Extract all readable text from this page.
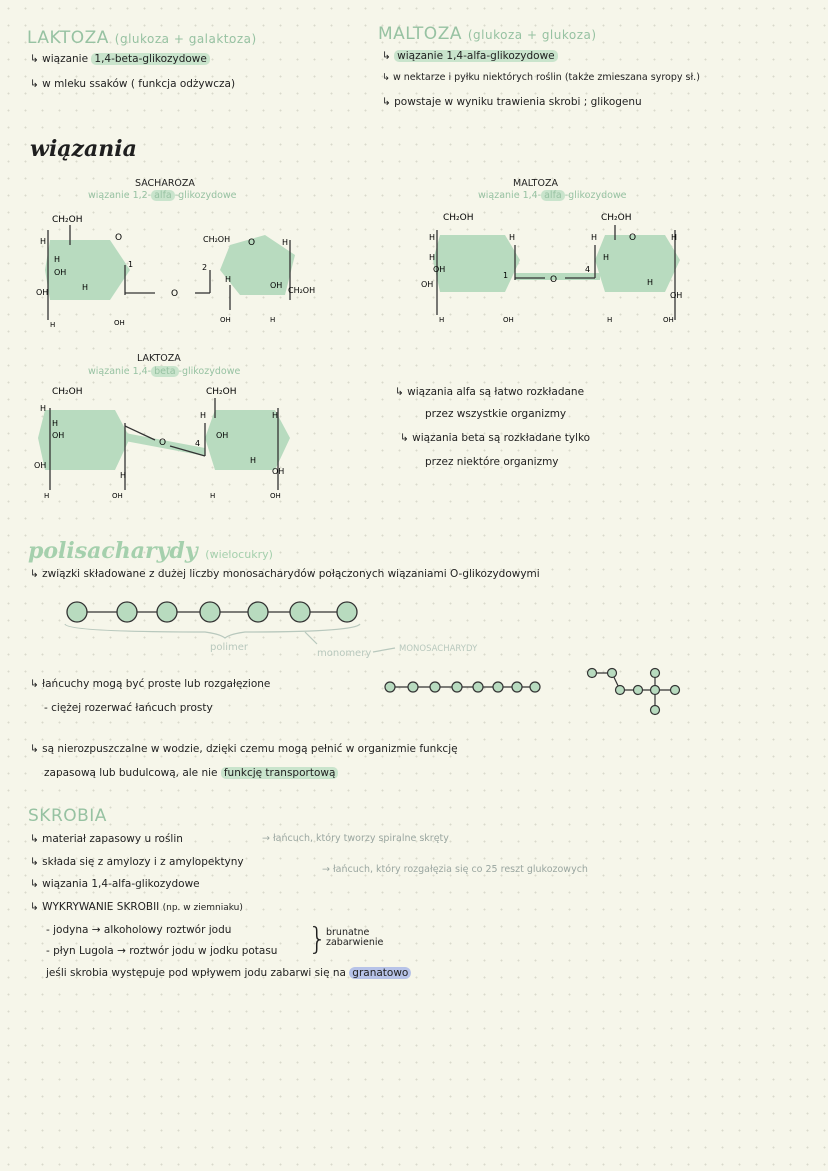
LAKTOZA (glukoza + galaktoza)
↳ wiązanie 1,4-beta-glikozydowe
↳ w mleku ssaków ( funkcja odżywcza)
MALTOZA (glukoza + glukoza)
↳ wiązanie 1,4-alfa-glikozydowe
↳ w nektarze i pyłku niektórych roślin (także zmieszana syropy sł.)
↳ powstaje w wyniku trawienia skrobi ; glikogenu
wiązania
SACHAROZA
wiązanie 1,2- alfa -glikozydowe
CH₂OH
H	O
H
OH
1
OH
H
H	OH
O
CH₂OH O	H
2
H
OH
CH₂OH
OH	H
MALTOZA
wiązanie 1,4- alfa -glikozydowe
CH₂OH
H	H
H
OH
OH
1	O
4
H	OH
CH₂OH
H	O	H
H
H
OH
H	OH
LAKTOZA
wiązanie 1,4- beta -glikozydowe
CH₂OH
H
H
OH
OH
H
H	OH
O	4
CH₂OH
H
OH
H
H
OH
H	OH
↳ wiązania alfa są łatwo rozkładane
przez wszystkie organizmy
↳ wiązania beta są rozkładane tylko
przez niektóre organizmy
polisacharydy (wielocukry)
↳ związki składowane z dużej liczby monosacharydów połączonych wiązaniami O-glikozydowymi
polimer
monomery	MONOSACHARYDY
↳ łańcuchy mogą być proste lub rozgałęzione
- ciężej rozerwać łańcuch prosty
↳ są nierozpuszczalne w wodzie, dzięki czemu mogą pełnić w organizmie funkcję
zapasową lub budulcową, ale nie funkcję transportową
SKROBIA
↳ materiał zapasowy u roślin	→ łańcuch, który tworzy spiralne skręty
↳ składa się z amylozy i z amylopektyny
→ łańcuch, który rozgałęzia się co 25 reszt glukozowych
↳ wiązania 1,4-alfa-glikozydowe
↳ WYKRYWANIE SKROBII (np. w ziemniaku)
- jodyna → alkoholowy roztwór jodu
- płyn Lugola → roztwór jodu w jodku potasu }
brunatne
zabarwienie
jeśli skrobia występuje pod wpływem jodu zabarwi się na granatowo
